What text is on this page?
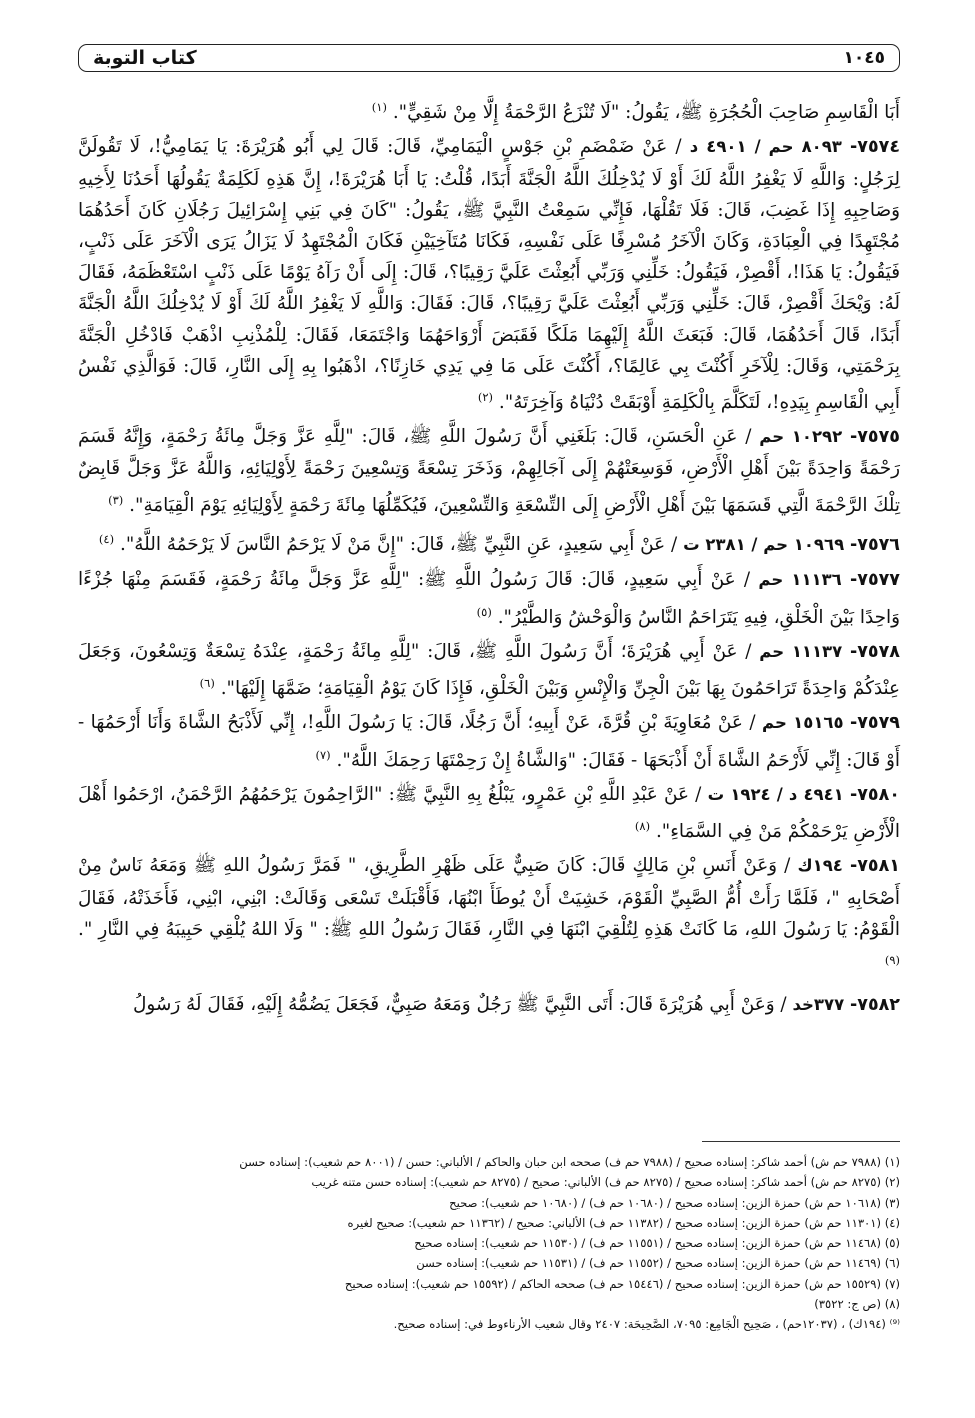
كتاب التوبة	١٠٤٥

أَبَا الْقَاسِمِ صَاحِبَ الْحُجُرَةِ ﷺ، يَقُولُ: "لَا تُنْزَعُ الرَّحْمَةُ إِلَّا مِنْ شَقِيٍّ". $^{(١)}$

٧٥٧٤- ٨٠٩٣ حم / ٤٩٠١ د / عَنْ ضَمْضَمِ بْنِ جَوْسٍ الْيَمَامِيِّ، قَالَ: قَالَ لِي أَبُو هُرَيْرَةَ: يَا يَمَامِيُّ!، لَا تَقُولَنَّ لِرَجُلٍ: وَاللَّهِ لَا يَغْفِرُ اللَّهُ لَكَ أَوْ لَا يُدْخِلُكَ اللَّهُ الْجَنَّةَ أَبَدًا، قُلْتُ: يَا أَبَا هُرَيْرَةَ!، إِنَّ هَذِهِ لَكَلِمَةٌ يَقُولُهَا أَحَدُنَا لِأَخِيهِ وَصَاحِبِهِ إِذَا غَضِبَ، قَالَ: فَلَا تَقُلْهَا، فَإِنِّي سَمِعْتُ النَّبِيَّ ﷺ، يَقُولُ: "كَانَ فِي بَنِي إِسْرَائِيلَ رَجُلَانِ كَانَ أَحَدُهُمَا مُجْتَهِدًا فِي الْعِبَادَةِ، وَكَانَ الْآخَرُ مُسْرِفًا عَلَى نَفْسِهِ، فَكَانَا مُتَآخِيَيْنِ فَكَانَ الْمُجْتَهِدُ لَا يَزَالُ يَرَى الْآخَرَ عَلَى ذَنْبٍ، فَيَقُولُ: يَا هَذَا!، أَقْصِرْ، فَيَقُولُ: خَلِّنِي وَرَبِّي أَبُعِثْتَ عَلَيَّ رَقِيبًا؟، قَالَ: إِلَى أَنْ رَآهُ يَوْمًا عَلَى ذَنْبٍ اسْتَعْظَمَهُ، فَقَالَ لَهُ: وَيْحَكَ أَقْصِرْ، قَالَ: خَلِّنِي وَرَبِّي أَبُعِثْتَ عَلَيَّ رَقِيبًا؟، قَالَ: فَقَالَ: وَاللَّهِ لَا يَغْفِرُ اللَّهُ لَكَ أَوْ لَا يُدْخِلُكَ اللَّهُ الْجَنَّةَ أَبَدًا، قَالَ أَحَدُهُمَا، قَالَ: فَبَعَثَ اللَّهُ إِلَيْهِمَا مَلَكًا فَقَبَضَ أَرْوَاحَهُمَا وَاجْتَمَعَا، فَقَالَ: لِلْمُذْنِبِ اذْهَبْ فَادْخُلِ الْجَنَّةَ بِرَحْمَتِي، وَقَالَ: لِلْآخَرِ أَكُنْتَ بِي عَالِمًا؟، أَكُنْتَ عَلَى مَا فِي يَدِي خَازِنًا؟، اذْهَبُوا بِهِ إِلَى النَّارِ، قَالَ: فَوَالَّذِي نَفْسُ أَبِي الْقَاسِمِ بِيَدِهِ!، لَتَكَلَّمَ بِالْكَلِمَةِ أَوْبَقَتْ دُنْيَاهُ وَآخِرَتَهُ". $^{(٢)}$

٧٥٧٥- ١٠٢٩٢ حم / عَنِ الْحَسَنِ، قَالَ: بَلَغَنِي أَنَّ رَسُولَ اللَّهِ ﷺ، قَالَ: "لِلَّهِ عَزَّ وَجَلَّ مِائَةُ رَحْمَةٍ، وَإِنَّهُ قَسَمَ رَحْمَةً وَاحِدَةً بَيْنَ أَهْلِ الْأَرْضِ، فَوَسِعَتْهُمْ إِلَى آجَالِهِمْ، وَذَخَرَ تِسْعَةً وَتِسْعِينَ رَحْمَةً لِأَوْلِيَائِهِ، وَاللَّهُ عَزَّ وَجَلَّ قَابِضٌ تِلْكَ الرَّحْمَةَ الَّتِي قَسَمَهَا بَيْنَ أَهْلِ الْأَرْضِ إِلَى التِّسْعَةِ وَالتِّسْعِينَ، فَيُكَمِّلُهَا مِائَةَ رَحْمَةٍ لِأَوْلِيَائِهِ يَوْمَ الْقِيَامَةِ". $^{(٣)}$

٧٥٧٦- ١٠٩٦٩ حم / ٢٣٨١ ت / عَنْ أَبِي سَعِيدٍ، عَنِ النَّبِيِّ ﷺ، قَالَ: "إِنَّ مَنْ لَا يَرْحَمُ النَّاسَ لَا يَرْحَمُهُ اللَّهُ". $^{(٤)}$

٧٥٧٧- ١١١٣٦ حم / عَنْ أَبِي سَعِيدٍ، قَالَ: قَالَ رَسُولُ اللَّهِ ﷺ: "لِلَّهِ عَزَّ وَجَلَّ مِائَةُ رَحْمَةٍ، فَقَسَمَ مِنْهَا جُزْءًا وَاحِدًا بَيْنَ الْخَلْقِ، فِيهِ يَتَرَاحَمُ النَّاسُ وَالْوَحْشُ وَالطَّيْرُ". $^{(٥)}$

٧٥٧٨- ١١١٣٧ حم / عَنْ أَبِي هُرَيْرَةَ؛ أَنَّ رَسُولَ اللَّهِ ﷺ، قَالَ: "لِلَّهِ مِائَةُ رَحْمَةٍ، عِنْدَهُ تِسْعَةٌ وَتِسْعُونَ، وَجَعَلَ عِنْدَكُمْ وَاحِدَةً تَرَاحَمُونَ بِهَا بَيْنَ الْجِنِّ وَالْإِنْسِ وَبَيْنَ الْخَلْقِ، فَإِذَا كَانَ يَوْمُ الْقِيَامَةِ؛ ضَمَّهَا إِلَيْهَا". $^{(٦)}$

٧٥٧٩- ١٥١٦٥ حم / عَنْ مُعَاوِيَةَ بْنِ قُرَّةَ، عَنْ أَبِيهِ؛ أَنَّ رَجُلًا، قَالَ: يَا رَسُولَ اللَّهِ!، إِنِّي لَأَذْبَحُ الشَّاةَ وَأَنَا أَرْحَمُهَا - أَوْ قَالَ: إِنِّي لَأَرْحَمُ الشَّاةَ أَنْ أَذْبَحَهَا - فَقَالَ: "وَالشَّاةُ إِنْ رَحِمْتَهَا رَحِمَكَ اللَّهُ". $^{(٧)}$

٧٥٨٠- ٤٩٤١ د / ١٩٢٤ ت / عَنْ عَبْدِ اللَّهِ بْنِ عَمْرٍو، يَبْلُغُ بِهِ النَّبِيَّ ﷺ: "الرَّاحِمُونَ يَرْحَمُهُمُ الرَّحْمَنُ، ارْحَمُوا أَهْلَ الْأَرْضِ يَرْحَمْكُمْ مَنْ فِي السَّمَاءِ". $^{(٨)}$

٧٥٨١- ١٩٤ك / وَعَنْ أَنَسِ بْنِ مَالِكٍ قَالَ: كَانَ صَبِيٌّ عَلَى ظَهْرِ الطَّرِيقِ، " فَمَرَّ رَسُولُ اللهِ ﷺ وَمَعَهُ نَاسٌ مِنْ أَصْحَابِهِ "، فَلَمَّا رَأَتْ أُمُّ الصَّبِيِّ الْقَوْمَ، خَشِيَتْ أَنْ يُوطَأَ ابْنُهَا، فَأَقْبَلَتْ تَسْعَى وَقَالَتْ: ابْنِي، ابْنِي، فَأَخَذَتْهُ، فَقَالَ الْقَوْمُ: يَا رَسُولَ اللهِ، مَا كَانَتْ هَذِهِ لِتُلْقِيَ ابْنَهَا فِي النَّارِ، فَقَالَ رَسُولُ اللهِ ﷺ: " وَلَا اللهُ يُلْقِي حَبِيبَهُ فِي النَّارِ ". $^{(٩)}$

٧٥٨٢- ٣٧٧خد / وَعَنْ أَبِي هُرَيْرَةَ قَالَ: أَتَى النَّبِيَّ ﷺ رَجُلٌ وَمَعَهُ صَبِيٌّ، فَجَعَلَ يَضُمُّهُ إِلَيْهِ، فَقَالَ لَهُ رَسُولُ

(١) (٧٩٨٨ حم ش) أحمد شاكر: إسناده صحيح / (٧٩٨٨ حم ف) صححه ابن حبان والحاكم / الألباني: حسن / (٨٠٠١ حم شعيب): إسناده حسن
(٢) (٨٢٧٥ حم ش) أحمد شاكر: إسناده صحيح / (٨٢٧٥ حم ف) الألباني: صحيح / (٨٢٧٥ حم شعيب): إسناده حسن متنه غريب
(٣) (١٠٦١٨ حم ش) حمزة الزين: إسناده صحيح / (١٠٦٨٠ حم ف) / (١٠٦٨٠ حم شعيب): صحيح
(٤) (١١٣٠١ حم ش) حمزة الزين: إسناده صحيح / (١١٣٨٢ حم ف) الألباني: صحيح / (١١٣٦٢ حم شعيب): صحيح لغيره
(٥) (١١٤٦٨ حم ش) حمزة الزين: إسناده صحيح / (١١٥٥١ حم ف) / (١١٥٣٠ حم شعيب): إسناده صحيح
(٦) (١١٤٦٩ حم ش) حمزة الزين: إسناده صحيح / (١١٥٥٢ حم ف) / (١١٥٣١ حم شعيب): إسناده حسن
(٧) (١٥٥٢٩ حم ش) حمزة الزين: إسناده صحيح / (١٥٤٤٦ حم ف) صححه الحاكم / (١٥٥٩٢ حم شعيب): إسناده صحيح
(٨) (ص ج: ٣٥٢٢)
⁽⁹⁾ (١٩٤ك) ، (١٢٠٣٧حم) ، صَحِيح الْجَامِع: ٧٠٩٥، الصَّحِيحَة: ٢٤٠٧ وقال شعيب الأرناءوط في: إسناده صحيح.
